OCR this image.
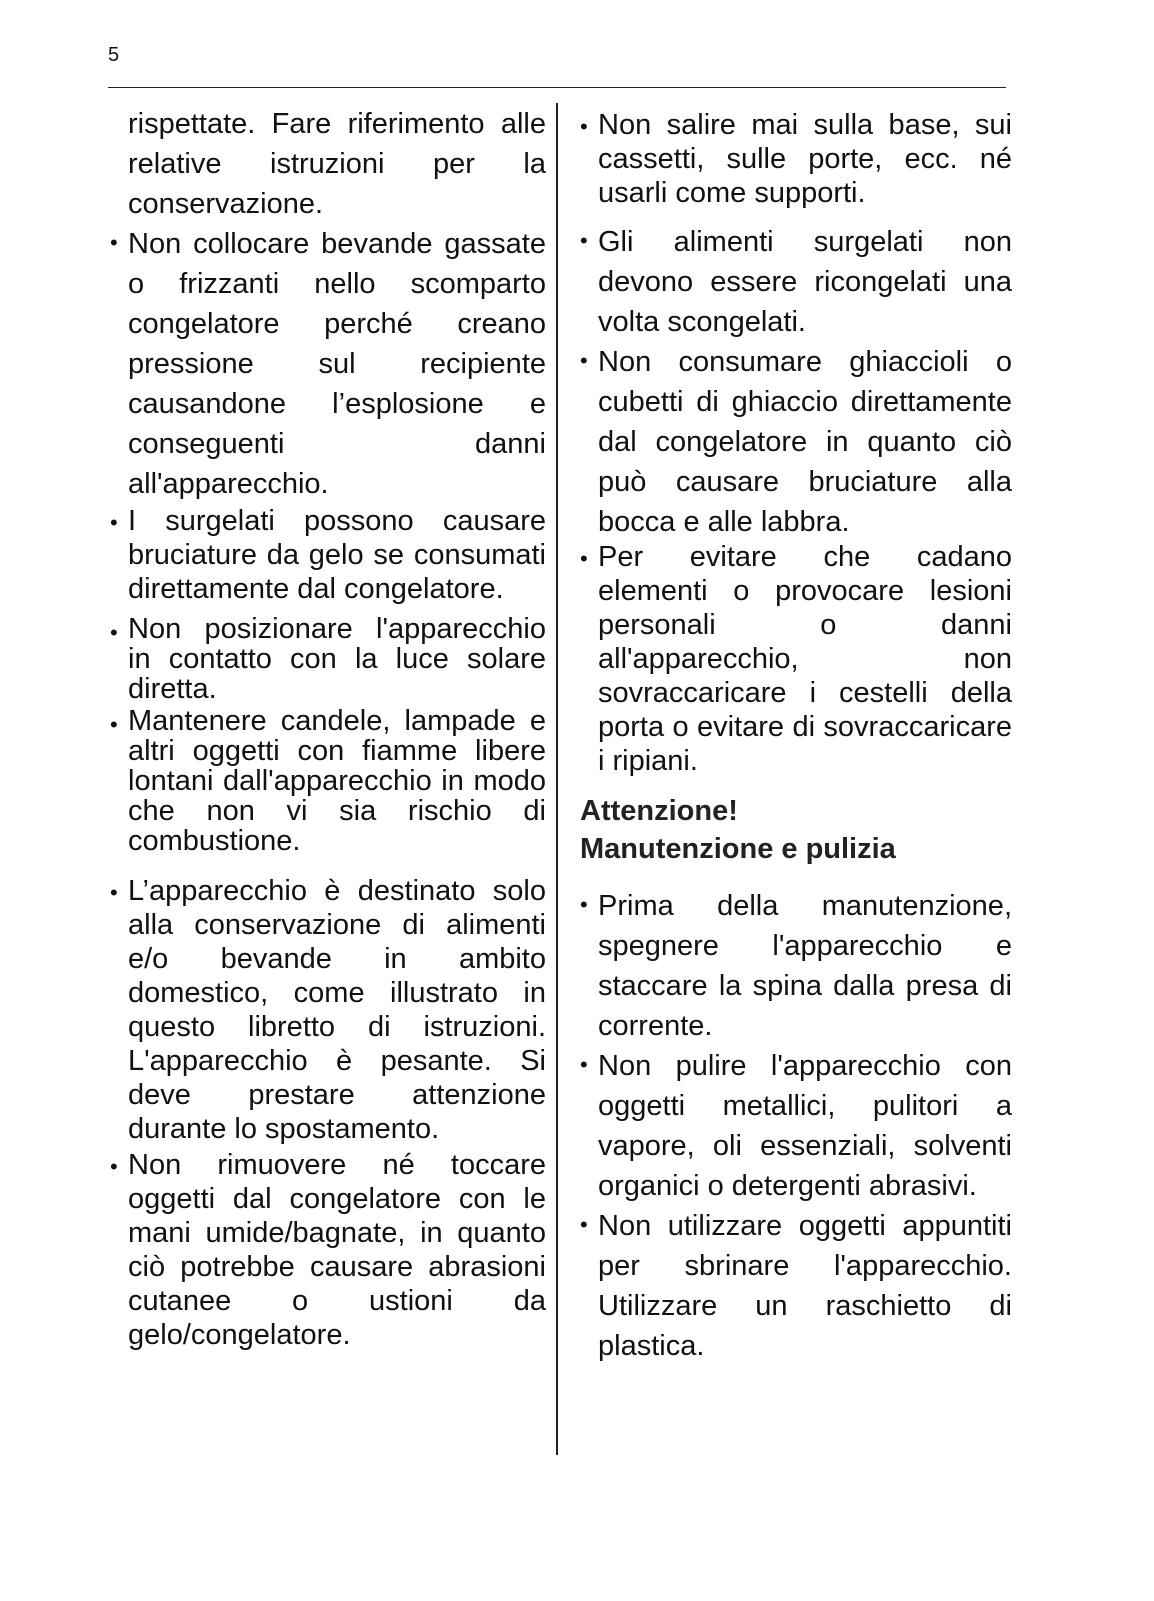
5

rispettate. Fare riferimento alle relative istruzioni per la conservazione.

• Non collocare bevande gassate o frizzanti nello scomparto congelatore perché creano pressione sul recipiente causandone l’esplosione e conseguenti danni all'apparecchio.

• I surgelati possono causare bruciature da gelo se consumati direttamente dal congelatore.

• Non posizionare l'apparecchio in contatto con la luce solare diretta.

• Mantenere candele, lampade e altri oggetti con fiamme libere lontani dall'apparecchio in modo che non vi sia rischio di combustione.

• L’apparecchio è destinato solo alla conservazione di alimenti e/o bevande in ambito domestico, come illustrato in questo libretto di istruzioni. L'apparecchio è pesante. Si deve prestare attenzione durante lo spostamento.

• Non rimuovere né toccare oggetti dal congelatore con le mani umide/bagnate, in quanto ciò potrebbe causare abrasioni cutanee o ustioni da gelo/congelatore.

• Non salire mai sulla base, sui cassetti, sulle porte, ecc. né usarli come supporti.

• Gli alimenti surgelati non devono essere ricongelati una volta scongelati.

• Non consumare ghiaccioli o cubetti di ghiaccio direttamente dal congelatore in quanto ciò può causare bruciature alla bocca e alle labbra.

• Per evitare che cadano elementi o provocare lesioni personali o danni all'apparecchio, non sovraccaricare i cestelli della porta o evitare di sovraccaricare i ripiani.

Attenzione!

Manutenzione e pulizia

• Prima della manutenzione, spegnere l'apparecchio e staccare la spina dalla presa di corrente.

• Non pulire l'apparecchio con oggetti metallici, pulitori a vapore, oli essenziali, solventi organici o detergenti abrasivi.

• Non utilizzare oggetti appuntiti per sbrinare l'apparecchio. Utilizzare un raschietto di plastica.
